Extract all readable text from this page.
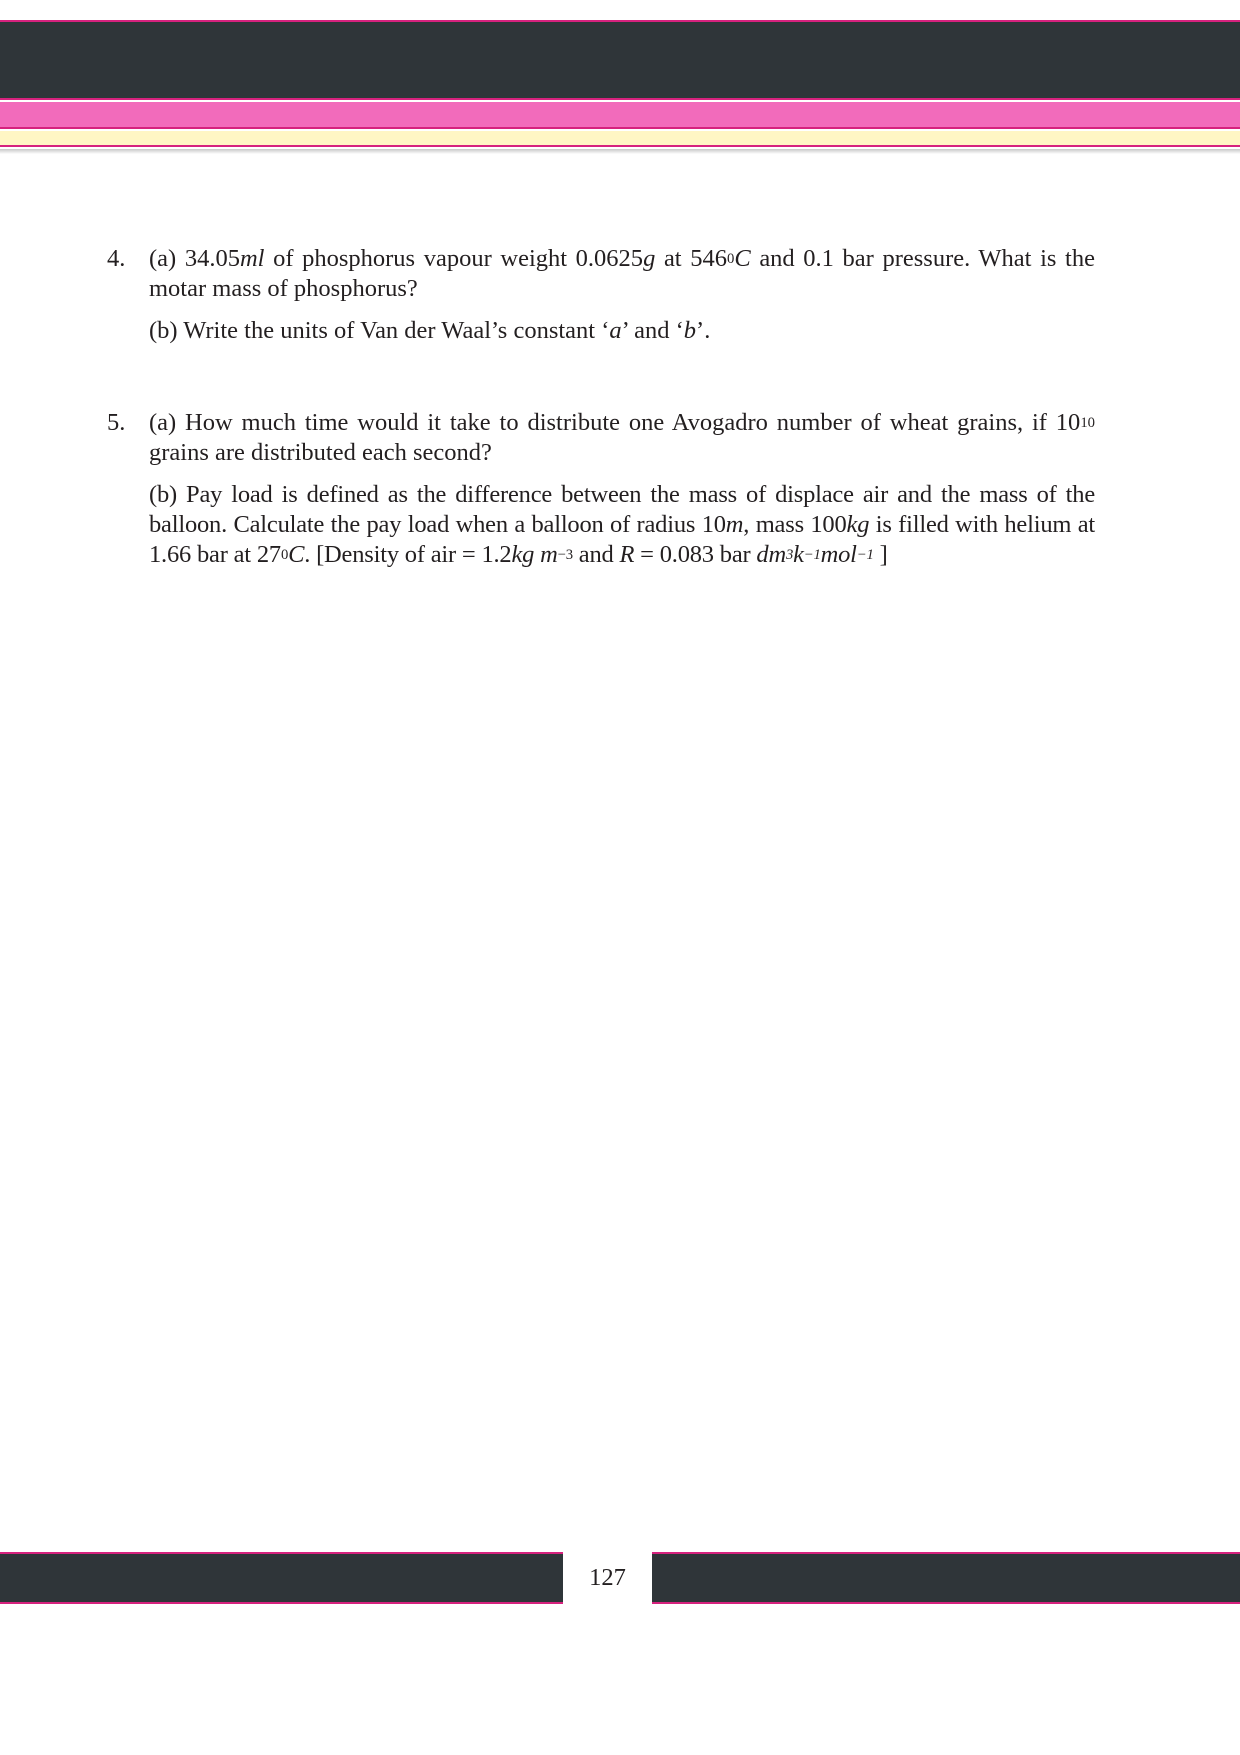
4. (a) 34.05ml of phosphorus vapour weight 0.0625g at $546^0C$ and 0.1 bar pressure. What is the motar mass of phosphorus?

(b) Write the units of Van der Waal’s constant ‘a’ and ‘b’.

5. (a) How much time would it take to distribute one Avogadro number of wheat grains, if $10^{10}$ grains are distributed each second?

(b) Pay load is defined as the difference between the mass of displace air and the mass of the balloon. Calculate the pay load when a balloon of radius 10m, mass 100kg is filled with helium at 1.66 bar at $27^0C$. [Density of air = 1.2kg $m^{-3}$ and R = 0.083 bar $dm^3k^{-1}mol^{-1}$ ]

127
